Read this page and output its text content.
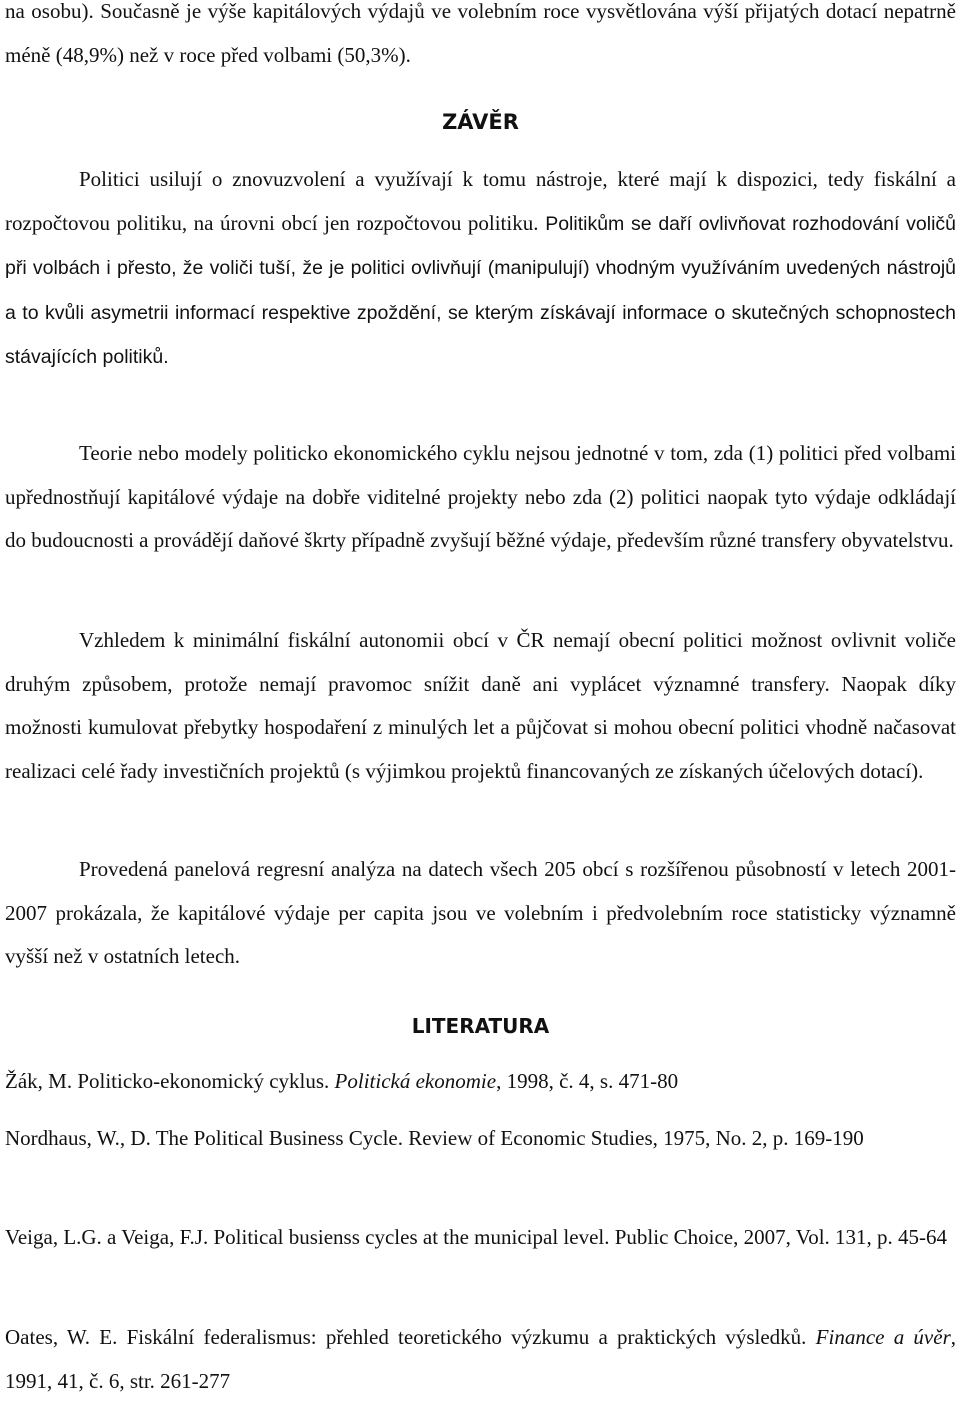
na osobu). Současně je výše kapitálových výdajů ve volebním roce vysvětlována výší přijatých dotací nepatrně méně (48,9%) než v roce před volbami (50,3%).

ZÁVĚR

Politici usilují o znovuzvolení a využívají k tomu nástroje, které mají k dispozici, tedy fiskální a rozpočtovou politiku, na úrovni obcí jen rozpočtovou politiku. Politikům se daří ovlivňovat rozhodování voličů při volbách i přesto, že voliči tuší, že je politici ovlivňují (manipulují) vhodným využíváním uvedených nástrojů a to kvůli asymetrii informací respektive zpoždění, se kterým získávají informace o skutečných schopnostech stávajících politiků.

Teorie nebo modely politicko ekonomického cyklu nejsou jednotné v tom, zda (1) politici před volbami upřednostňují kapitálové výdaje na dobře viditelné projekty nebo zda (2) politici naopak tyto výdaje odkládají do budoucnosti a provádějí daňové škrty případně zvyšují běžné výdaje, především různé transfery obyvatelstvu.

Vzhledem k minimální fiskální autonomii obcí v ČR nemají obecní politici možnost ovlivnit voliče druhým způsobem, protože nemají pravomoc snížit daně ani vyplácet významné transfery. Naopak díky možnosti kumulovat přebytky hospodaření z minulých let a půjčovat si mohou obecní politici vhodně načasovat realizaci celé řady investičních projektů (s výjimkou projektů financovaných ze získaných účelových dotací).

Provedená panelová regresní analýza na datech všech 205 obcí s rozšířenou působností v letech 2001-2007 prokázala, že kapitálové výdaje per capita jsou ve volebním i předvolebním roce statisticky významně vyšší než v ostatních letech.

LITERATURA

Žák, M. Politicko-ekonomický cyklus. Politická ekonomie, 1998, č. 4, s. 471-80

Nordhaus, W., D. The Political Business Cycle. Review of Economic Studies, 1975, No. 2, p. 169-190

Veiga, L.G. a Veiga, F.J. Political busienss cycles at the municipal level. Public Choice, 2007, Vol. 131, p. 45-64

Oates, W. E. Fiskální federalismus: přehled teoretického výzkumu a praktických výsledků. Finance a úvěr, 1991, 41, č. 6, str. 261-277
